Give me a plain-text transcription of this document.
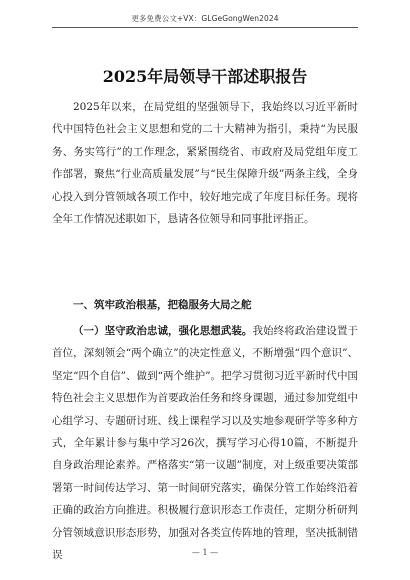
更多免费公文+VX：GLGeGongWen2024
2025年局领导干部述职报告

2025年以来，在局党组的坚强领导下，我始终以习近平新时代中国特色社会主义思想和党的二十大精神为指引，秉持“为民服务、务实笃行”的工作理念，紧紧围绕省、市政府及局党组年度工作部署，聚焦“行业高质量发展”与“民生保障升级”两条主线，全身心投入到分管领域各项工作中，较好地完成了年度目标任务。现将全年工作情况述职如下，恳请各位领导和同事批评指正。

一、筑牢政治根基，把稳服务大局之舵

（一）坚守政治忠诚，强化思想武装。我始终将政治建设置于首位，深刻领会“两个确立”的决定性意义，不断增强“四个意识”、坚定“四个自信”、做到“两个维护”。把学习贯彻习近平新时代中国特色社会主义思想作为首要政治任务和终身课题，通过参加党组中心组学习、专题研讨班、线上课程学习以及实地参观研学等多种方式，全年累计参与集中学习26次，撰写学习心得10篇，不断提升自身政治理论素养。严格落实“第一议题”制度，对上级重要决策部署第一时间传达学习、第一时间研究落实，确保分管工作始终沿着正确的政治方向推进。积极履行意识形态工作责任，定期分析研判分管领域意识形态形势，加强对各类宣传阵地的管理，坚决抵制错误	— 1 —
